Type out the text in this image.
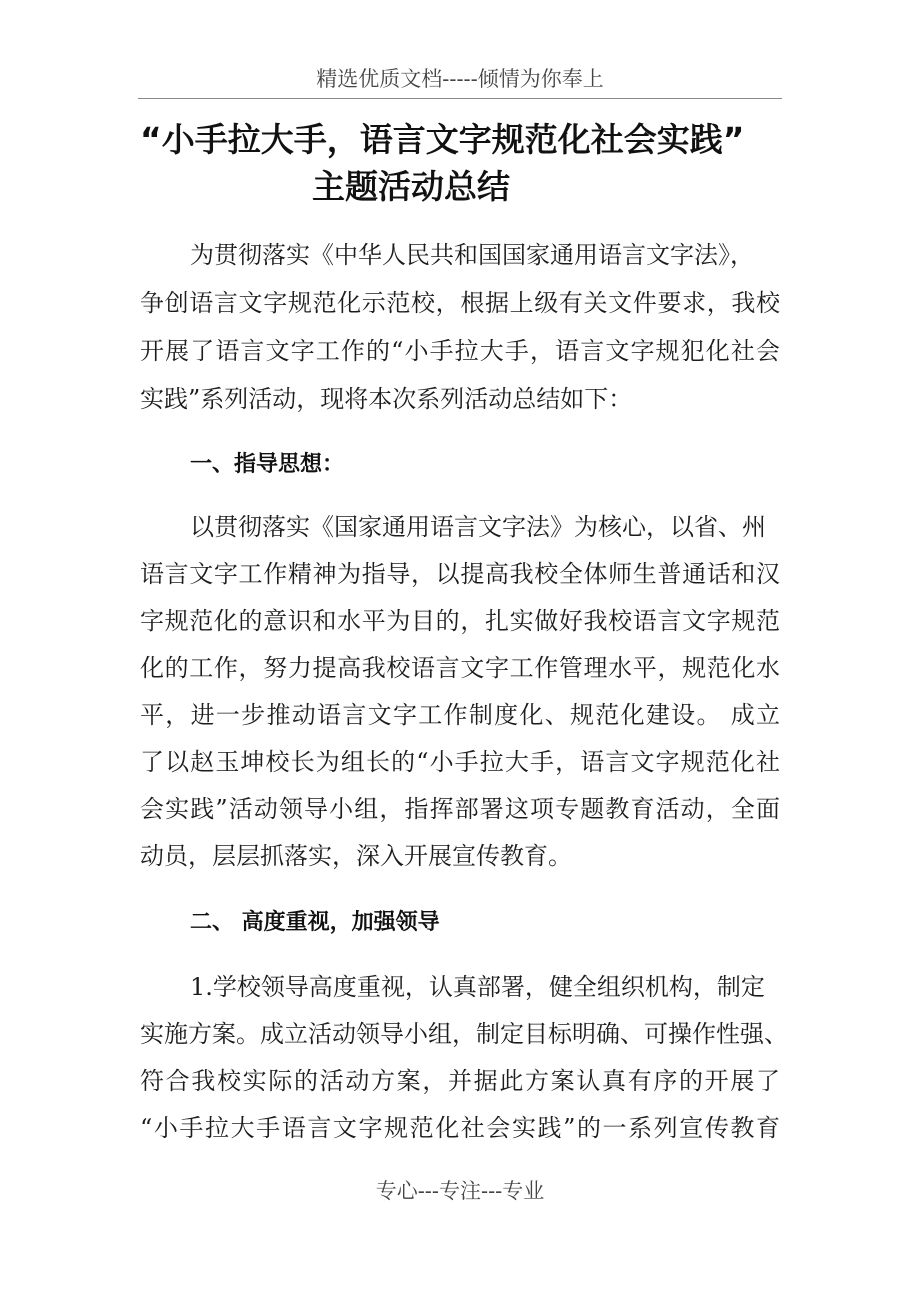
精选优质文档-----倾情为你奉上
“小手拉大手，语言文字规范化社会实践”
主题活动总结
为贯彻落实《中华人民共和国国家通用语言文字法》，
争创语言文字规范化示范校，根据上级有关文件要求，我校
开展了语言文字工作的“小手拉大手，语言文字规犯化社会
实践”系列活动，现将本次系列活动总结如下：
一、指导思想：
以贯彻落实《国家通用语言文字法》为核心，以省、州
语言文字工作精神为指导，以提高我校全体师生普通话和汉
字规范化的意识和水平为目的，扎实做好我校语言文字规范
化的工作，努力提高我校语言文字工作管理水平，规范化水
平，进一步推动语言文字工作制度化、规范化建设。 成立
了以赵玉坤校长为组长的“小手拉大手，语言文字规范化社
会实践”活动领导小组，指挥部署这项专题教育活动，全面
动员，层层抓落实，深入开展宣传教育。
二、 高度重视，加强领导
1.学校领导高度重视，认真部署，健全组织机构，制定
实施方案。成立活动领导小组，制定目标明确、可操作性强、
符合我校实际的活动方案，并据此方案认真有序的开展了
“小手拉大手语言文字规范化社会实践”的一系列宣传教育
专心---专注---专业
